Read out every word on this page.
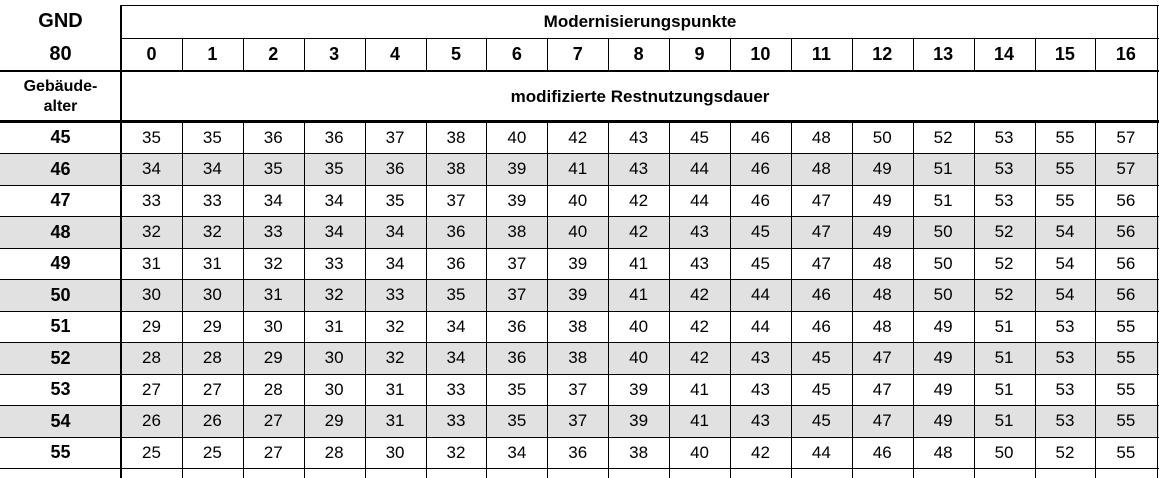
GND
80
Gebäude-
alter
Modernisierungspunkte
modifizierte Restnutzungsdauer
0	1	2	3	4	5	6	7	8	9	10	11	12	13	14	15	16
45	35	35	36	36	37	38	40	42	43	45	46	48	50	52	53	55	57
46	34	34	35	35	36	38	39	41	43	44	46	48	49	51	53	55	57
47	33	33	34	34	35	37	39	40	42	44	46	47	49	51	53	55	56
48	32	32	33	34	34	36	38	40	42	43	45	47	49	50	52	54	56
49	31	31	32	33	34	36	37	39	41	43	45	47	48	50	52	54	56
50	30	30	31	32	33	35	37	39	41	42	44	46	48	50	52	54	56
51	29	29	30	31	32	34	36	38	40	42	44	46	48	49	51	53	55
52	28	28	29	30	32	34	36	38	40	42	43	45	47	49	51	53	55
53	27	27	28	30	31	33	35	37	39	41	43	45	47	49	51	53	55
54	26	26	27	29	31	33	35	37	39	41	43	45	47	49	51	53	55
55	25	25	27	28	30	32	34	36	38	40	42	44	46	48	50	52	55
